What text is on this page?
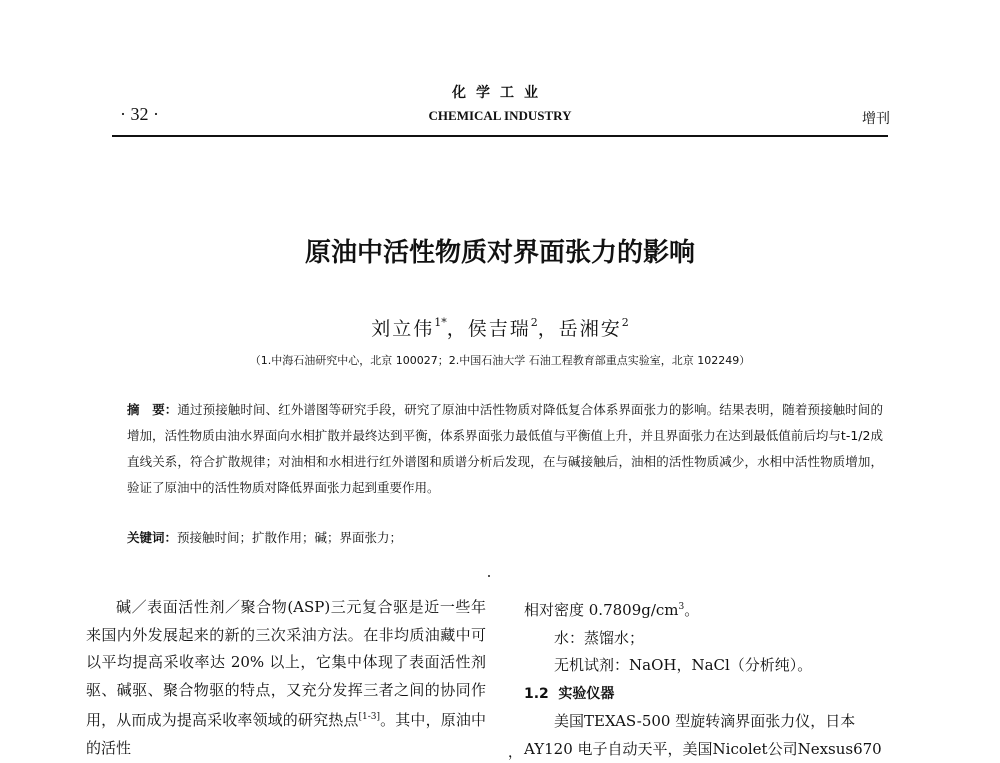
化学工业
· 32 ·	CHEMICAL INDUSTRY	增刊
原油中活性物质对界面张力的影响
刘立伟$^{1*}$，侯吉瑞$^2$，岳湘安$^2$
（1.中海石油研究中心，北京 100027；2.中国石油大学 石油工程教育部重点实验室，北京 102249）
摘　要：通过预接触时间、红外谱图等研究手段，研究了原油中活性物质对降低复合体系界面张力的影响。结果表明，随着预接触时间的增加，活性物质由油水界面向水相扩散并最终达到平衡，体系界面张力最低值与平衡值上升，并且界面张力在达到最低值前后均与t-1/2成直线关系，符合扩散规律；对油相和水相进行红外谱图和质谱分析后发现，在与碱接触后，油相的活性物质减少，水相中活性物质增加，验证了原油中的活性物质对降低界面张力起到重要作用。
关键词：预接触时间；扩散作用；碱；界面张力；

碱／表面活性剂／聚合物(ASP)三元复合驱是近一些年来国内外发展起来的新的三次采油方法。在非均质油藏中可以平均提高采收率达 20% 以上，它集中体现了表面活性剂驱、碱驱、聚合物驱的特点，又充分发挥三者之间的协同作用，从而成为提高采收率领域的研究热点[1-3]。其中，原油中的活性

相对密度 $0.7809g/cm^3$。
水：蒸馏水；
无机试剂：NaOH，NaCl（分析纯）。
1.2 实验仪器
美国TEXAS-500 型旋转滴界面张力仪，日本
AY120 电子自动天平，美国Nicolet公司Nexsus670
，
